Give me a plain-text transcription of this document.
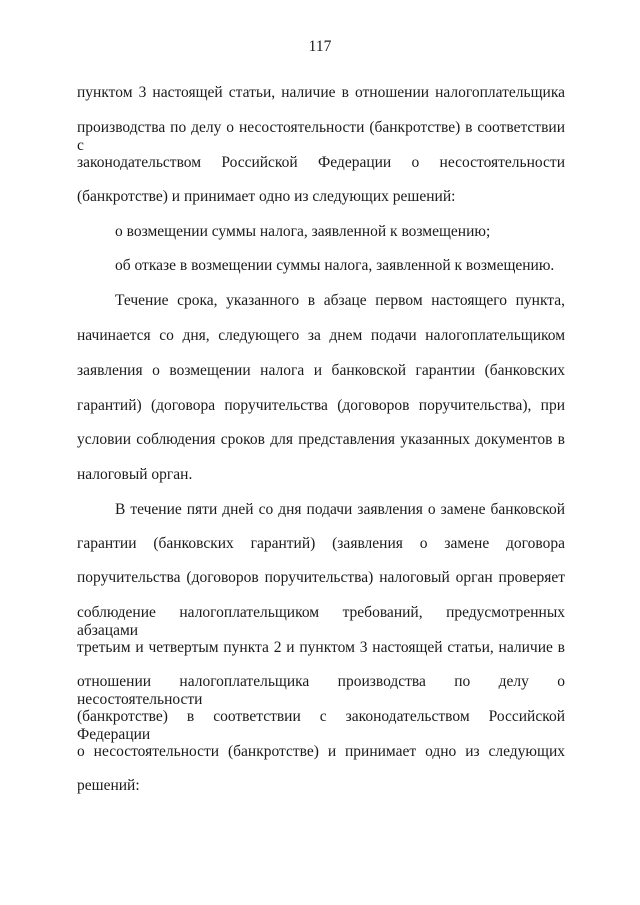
117
пунктом 3 настоящей статьи, наличие в отношении налогоплательщика
производства по делу о несостоятельности (банкротстве) в соответствии с
законодательством Российской Федерации о несостоятельности
(банкротстве) и принимает одно из следующих решений:
о возмещении суммы налога, заявленной к возмещению;
об отказе в возмещении суммы налога, заявленной к возмещению.
Течение срока, указанного в абзаце первом настоящего пункта,
начинается со дня, следующего за днем подачи налогоплательщиком
заявления о возмещении налога и банковской гарантии (банковских
гарантий) (договора поручительства (договоров поручительства), при
условии соблюдения сроков для представления указанных документов в
налоговый орган.
В течение пяти дней со дня подачи заявления о замене банковской
гарантии (банковских гарантий) (заявления о замене договора
поручительства (договоров поручительства) налоговый орган проверяет
соблюдение налогоплательщиком требований, предусмотренных абзацами
третьим и четвертым пункта 2 и пунктом 3 настоящей статьи, наличие в
отношении налогоплательщика производства по делу о несостоятельности
(банкротстве) в соответствии с законодательством Российской Федерации
о несостоятельности (банкротстве) и принимает одно из следующих
решений:
